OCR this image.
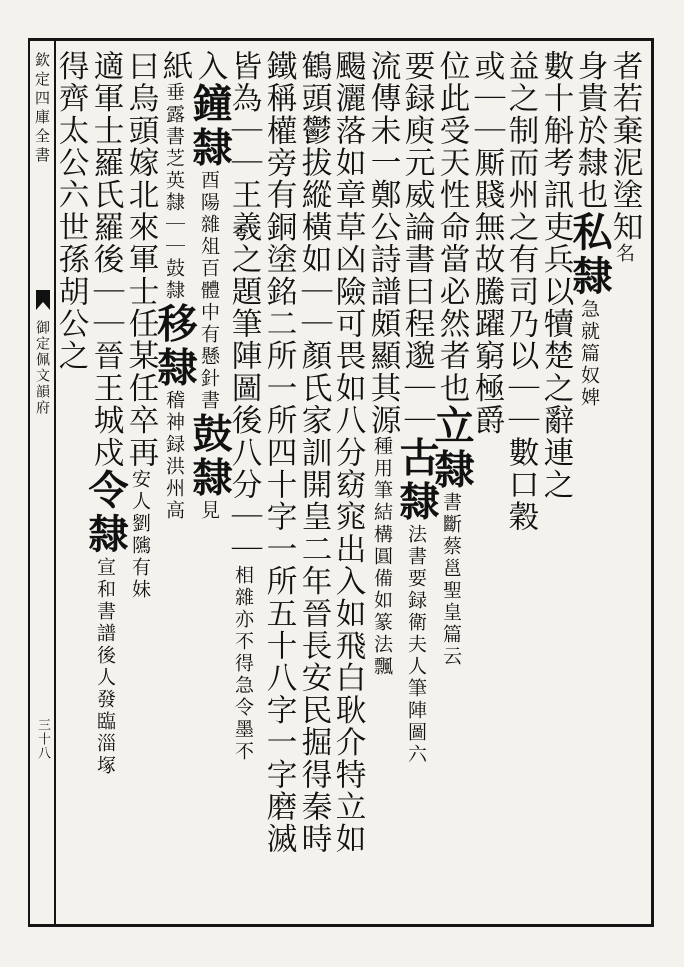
欽定四庫全書
御定佩文韻府
三十八
者若棄泥塗知名
身貴於隸也私隸急就篇奴婢
數十斛考訊吏兵以犢楚之辭連之
益之制而州之有司乃以｜｜數口穀
或｜｜厮賤無故騰躍窮極爵
位此受天性命當必然者也立隸書斷蔡邕聖皇篇云
要録庾元威論書曰程邈｜｜古隸法書要録衛夫人筆陣圖六
流傳未一鄭公詩譜頗顯其源種用筆結構圓備如篆法飄
颺灑落如章草凶險可畏如八分窈窕出入如飛白耿介特立如
鶴頭鬱拔縱橫如｜｜顏氏家訓開皇二年晉長安民掘得秦時
鐵稱權旁有銅塗銘二所一所四十字一所五十八字一字磨滅
皆為｜｜王羲之題筆陣圖後八分｜｜相雜亦不得急令墨不
入鐘隸酉陽雜俎百體中有懸針書鼓隸見
紙垂露書芝英隸｜｜鼓隸移隸稽神録洪州高
曰烏頭嫁北來軍士任某任卒再安人劉隲有妹
適軍士羅氏羅後｜｜晉王城戍令隸宣和書譜後人發臨淄塚
得齊太公六世孫胡公之
